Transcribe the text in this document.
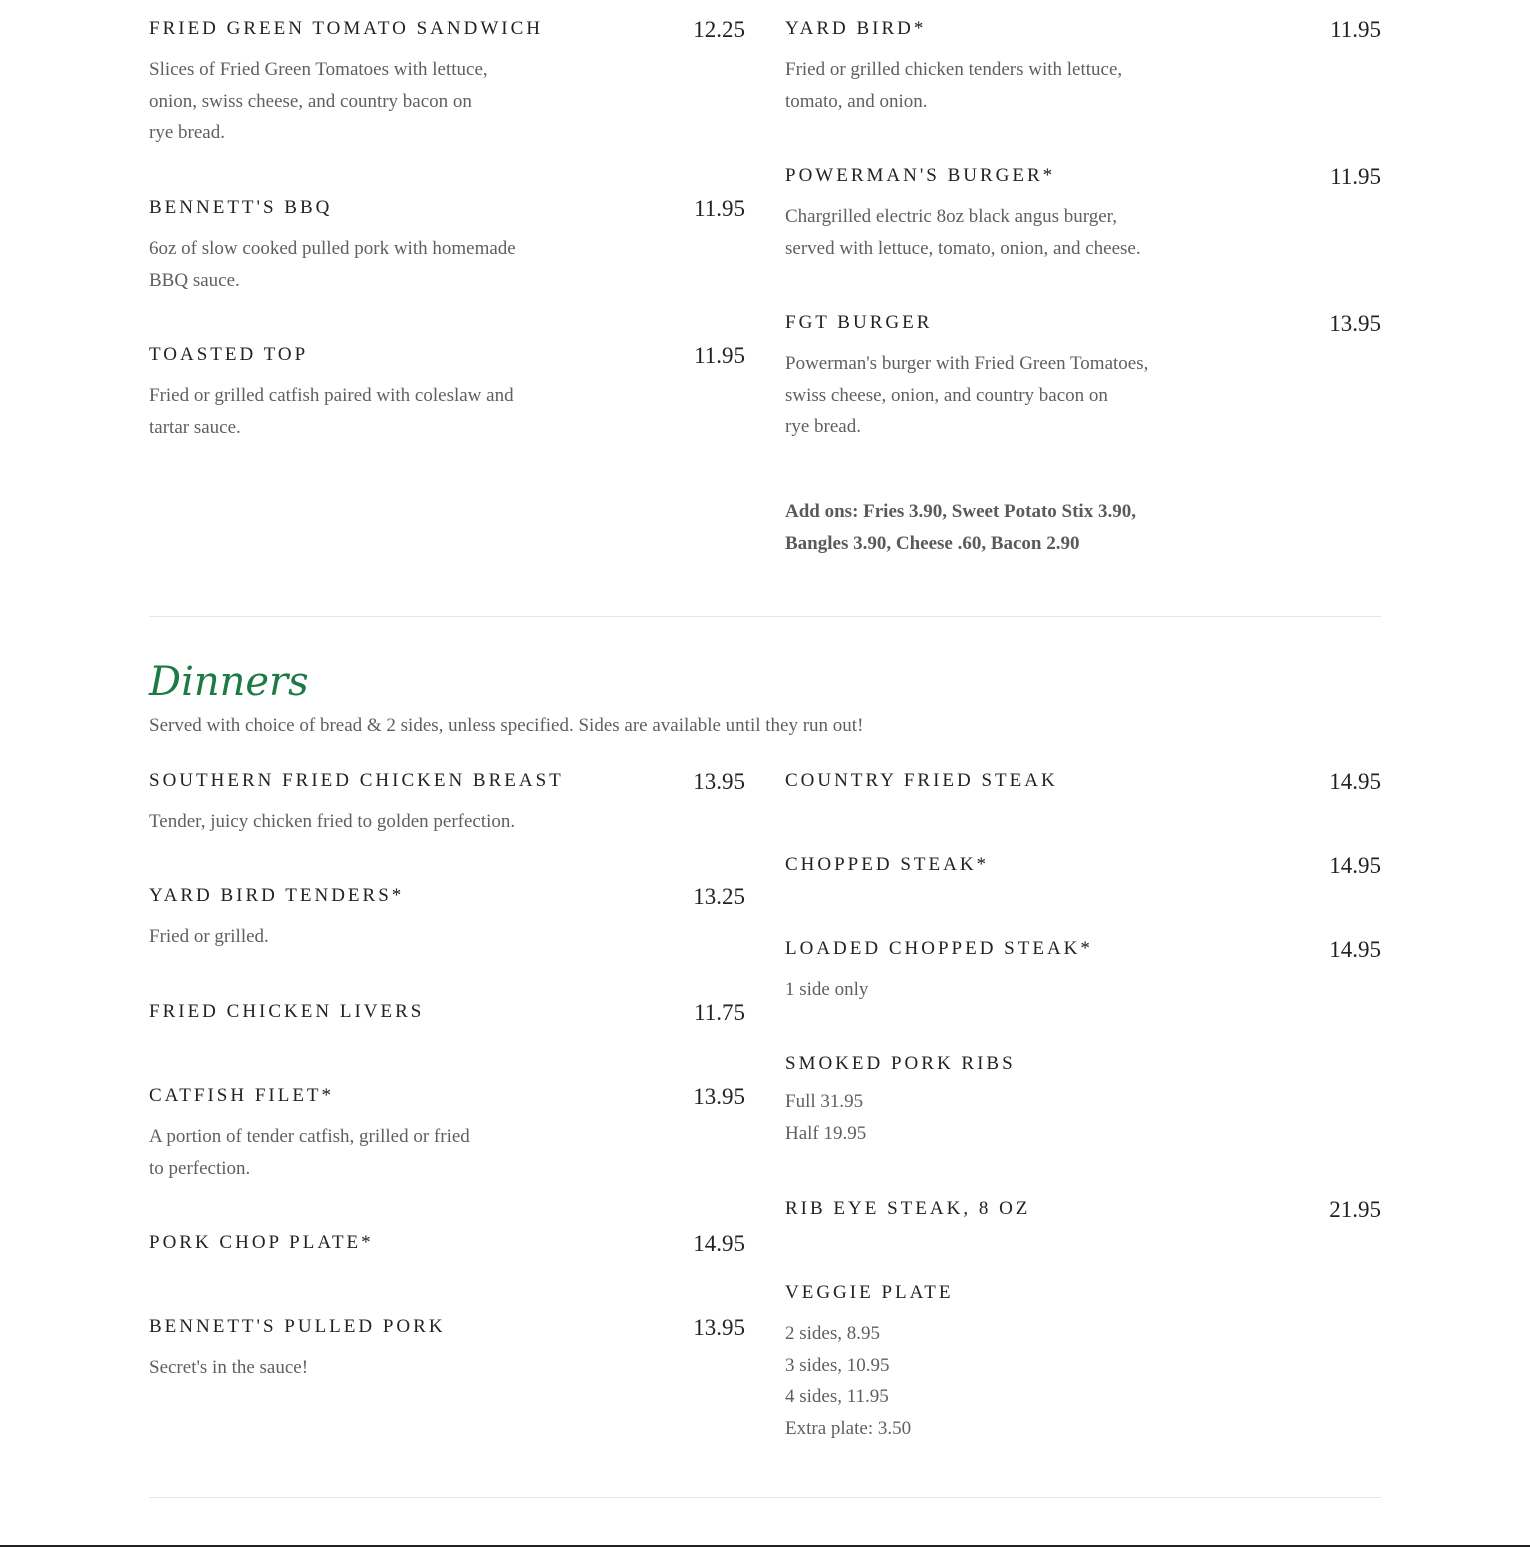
FRIED GREEN TOMATO SANDWICH	12.25
Slices of Fried Green Tomatoes with lettuce,
onion, swiss cheese, and country bacon on
rye bread.
BENNETT'S BBQ	11.95
6oz of slow cooked pulled pork with homemade
BBQ sauce.
TOASTED TOP	11.95
Fried or grilled catfish paired with coleslaw and
tartar sauce.
YARD BIRD*	11.95
Fried or grilled chicken tenders with lettuce,
tomato, and onion.
POWERMAN'S BURGER*	11.95
Chargrilled electric 8oz black angus burger,
served with lettuce, tomato, onion, and cheese.
FGT BURGER	13.95
Powerman's burger with Fried Green Tomatoes,
swiss cheese, onion, and country bacon on
rye bread.
Add ons: Fries 3.90, Sweet Potato Stix 3.90,
Bangles 3.90, Cheese .60, Bacon 2.90
Dinners
Served with choice of bread & 2 sides, unless specified. Sides are available until they run out!
SOUTHERN FRIED CHICKEN BREAST	13.95
Tender, juicy chicken fried to golden perfection.
YARD BIRD TENDERS*	13.25
Fried or grilled.
FRIED CHICKEN LIVERS	11.75
CATFISH FILET*	13.95
A portion of tender catfish, grilled or fried
to perfection.
PORK CHOP PLATE*	14.95
BENNETT'S PULLED PORK	13.95
Secret's in the sauce!
COUNTRY FRIED STEAK	14.95
CHOPPED STEAK*	14.95
LOADED CHOPPED STEAK*	14.95
1 side only
SMOKED PORK RIBS
Full 31.95
Half 19.95
RIB EYE STEAK, 8 OZ	21.95
VEGGIE PLATE
2 sides, 8.95
3 sides, 10.95
4 sides, 11.95
Extra plate: 3.50
